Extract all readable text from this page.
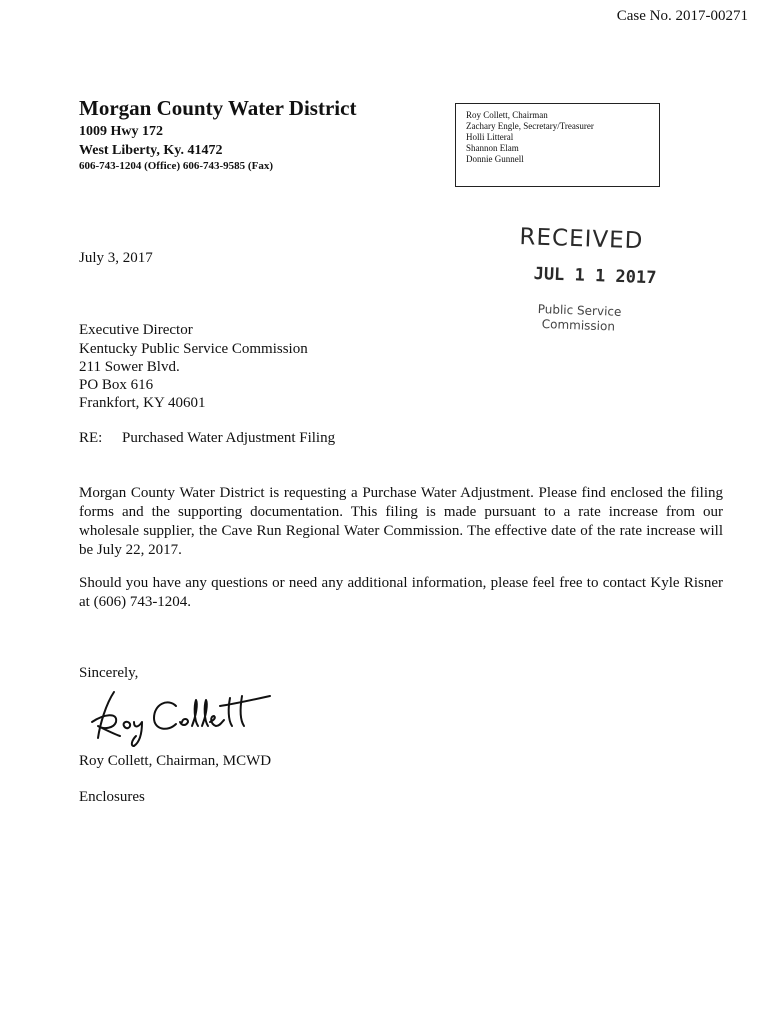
Case No. 2017-00271
Morgan County Water District
1009 Hwy 172
West Liberty, Ky. 41472
606-743-1204 (Office) 606-743-9585 (Fax)
Roy Collett, Chairman
Zachary Engle, Secretary/Treasurer
Holli Litteral
Shannon Elam
Donnie Gunnell
RECEIVED
JUL 1 1 2017
Public Service
Commission
July 3, 2017
Executive Director
Kentucky Public Service Commission
211 Sower Blvd.
PO Box 616
Frankfort, KY 40601
RE: Purchased Water Adjustment Filing
Morgan County Water District is requesting a Purchase Water Adjustment. Please find enclosed the filing forms and the supporting documentation. This filing is made pursuant to a rate increase from our wholesale supplier, the Cave Run Regional Water Commission. The effective date of the rate increase will be July 22, 2017.
Should you have any questions or need any additional information, please feel free to contact Kyle Risner at (606) 743-1204.
Sincerely,
Roy Collett, Chairman, MCWD
Enclosures
